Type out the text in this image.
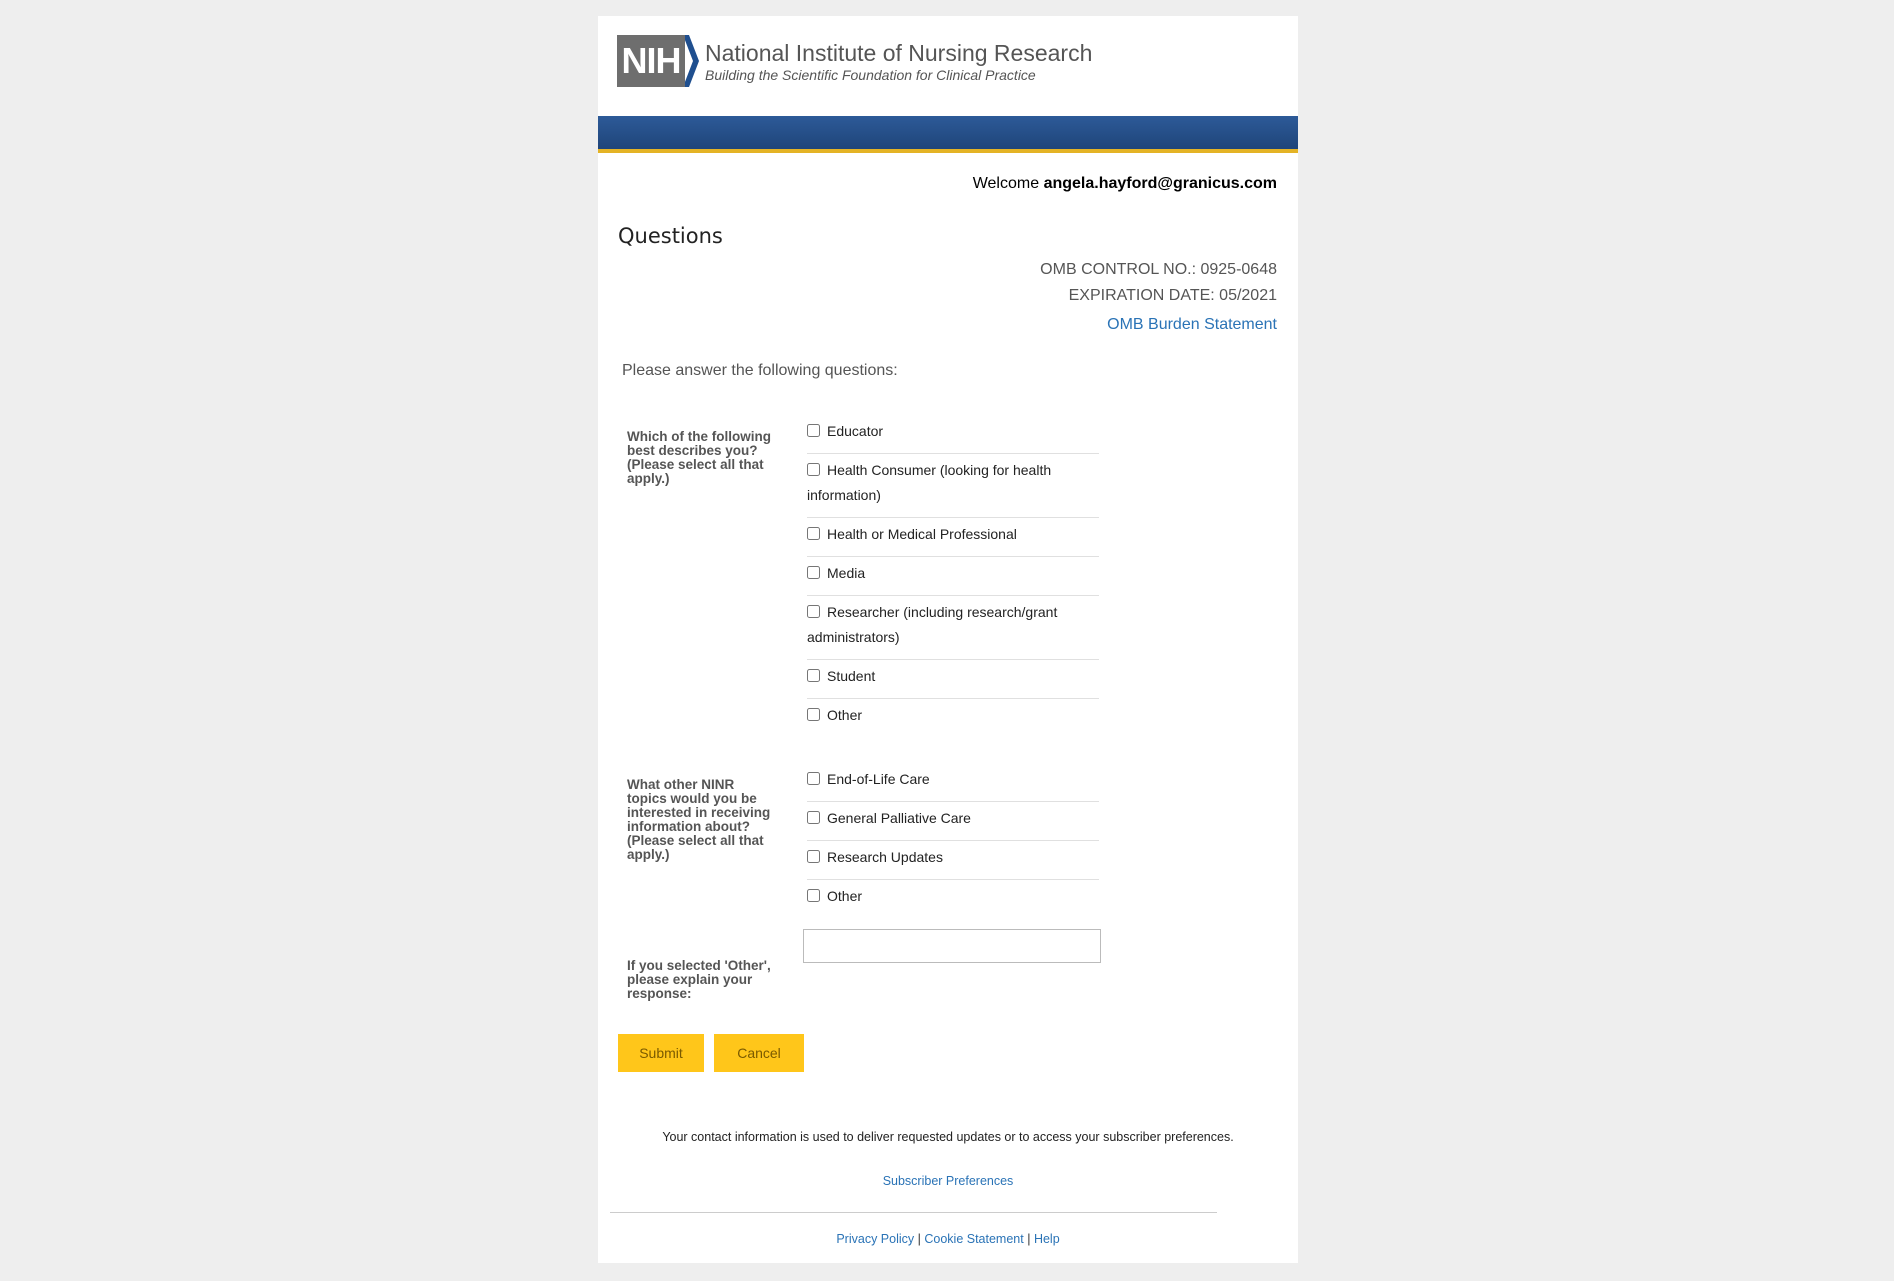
NIH National Institute of Nursing Research
Building the Scientific Foundation for Clinical Practice
Welcome angela.hayford@granicus.com
Questions
OMB CONTROL NO.: 0925-0648
EXPIRATION DATE: 05/2021
OMB Burden Statement
Please answer the following questions:
Which of the following best describes you? (Please select all that apply.)
Educator
Health Consumer (looking for health information)
Health or Medical Professional
Media
Researcher (including research/grant administrators)
Student
Other
What other NINR topics would you be interested in receiving information about? (Please select all that apply.)
End-of-Life Care
General Palliative Care
Research Updates
Other
If you selected 'Other', please explain your response:
Submit	Cancel
Your contact information is used to deliver requested updates or to access your subscriber preferences.
Subscriber Preferences
Privacy Policy | Cookie Statement | Help
